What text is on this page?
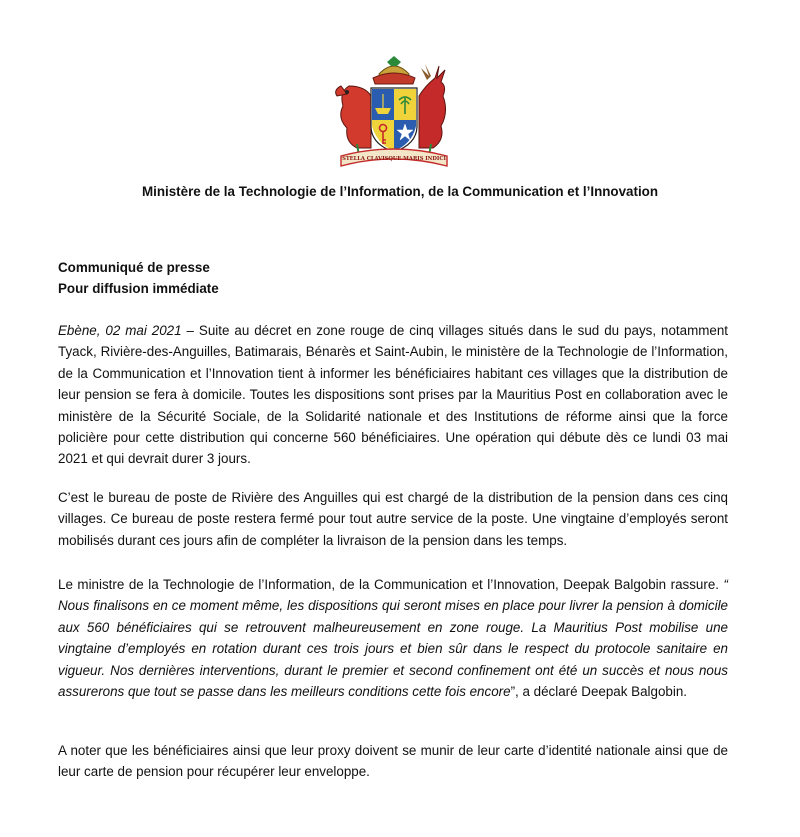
STELLA CLAVISQUE MARIS INDICI
Ministère de la Technologie de l’Information, de la Communication et l’Innovation
Communiqué de presse
Pour diffusion immédiate
Ebène, 02 mai 2021 – Suite au décret en zone rouge de cinq villages situés dans le sud du pays, notamment Tyack, Rivière-des-Anguilles, Batimarais, Bénarès et Saint-Aubin, le ministère de la Technologie de l’Information, de la Communication et l’Innovation tient à informer les bénéficiaires habitant ces villages que la distribution de leur pension se fera à domicile. Toutes les dispositions sont prises par la Mauritius Post en collaboration avec le ministère de la Sécurité Sociale, de la Solidarité nationale et des Institutions de réforme ainsi que la force policière pour cette distribution qui concerne 560 bénéficiaires. Une opération qui débute dès ce lundi 03 mai 2021 et qui devrait durer 3 jours.
C’est le bureau de poste de Rivière des Anguilles qui est chargé de la distribution de la pension dans ces cinq villages. Ce bureau de poste restera fermé pour tout autre service de la poste. Une vingtaine d’employés seront mobilisés durant ces jours afin de compléter la livraison de la pension dans les temps.
Le ministre de la Technologie de l’Information, de la Communication et l’Innovation, Deepak Balgobin rassure. “ Nous finalisons en ce moment même, les dispositions qui seront mises en place pour livrer la pension à domicile aux 560 bénéficiaires qui se retrouvent malheureusement en zone rouge. La Mauritius Post mobilise une vingtaine d’employés en rotation durant ces trois jours et bien sûr dans le respect du protocole sanitaire en vigueur. Nos dernières interventions, durant le premier et second confinement ont été un succès et nous nous assurerons que tout se passe dans les meilleurs conditions cette fois encore”, a déclaré Deepak Balgobin.
A noter que les bénéficiaires ainsi que leur proxy doivent se munir de leur carte d’identité nationale ainsi que de leur carte de pension pour récupérer leur enveloppe.
